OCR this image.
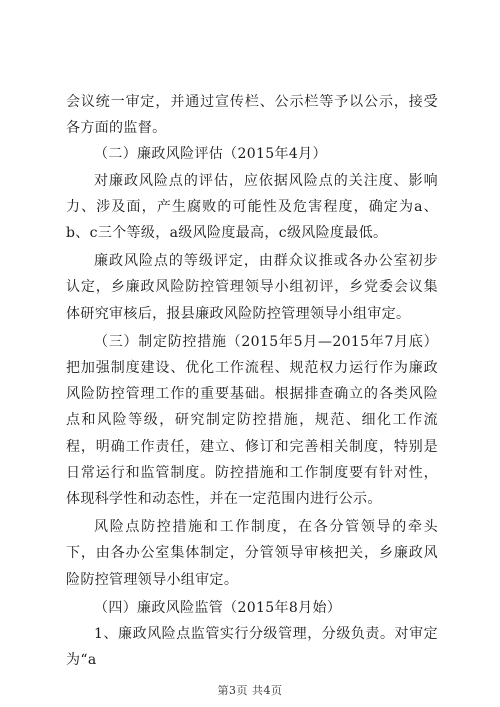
会议统一审定，并通过宣传栏、公示栏等予以公示，接受各方面的监督。

（二）廉政风险评估（2015年4月）

对廉政风险点的评估，应依据风险点的关注度、影响力、涉及面，产生腐败的可能性及危害程度，确定为a、b、c三个等级，a级风险度最高，c级风险度最低。

廉政风险点的等级评定，由群众议推或各办公室初步认定，乡廉政风险防控管理领导小组初评，乡党委会议集体研究审核后，报县廉政风险防控管理领导小组审定。

（三）制定防控措施（2015年5月—2015年7月底）把加强制度建设、优化工作流程、规范权力运行作为廉政风险防控管理工作的重要基础。根据排查确立的各类风险点和风险等级，研究制定防控措施，规范、细化工作流程，明确工作责任，建立、修订和完善相关制度，特别是日常运行和监管制度。防控措施和工作制度要有针对性，体现科学性和动态性，并在一定范围内进行公示。

风险点防控措施和工作制度，在各分管领导的牵头下，由各办公室集体制定，分管领导审核把关，乡廉政风险防控管理领导小组审定。

（四）廉政风险监管（2015年8月始）

1、廉政风险点监管实行分级管理，分级负责。对审定为“a

第3页 共4页
